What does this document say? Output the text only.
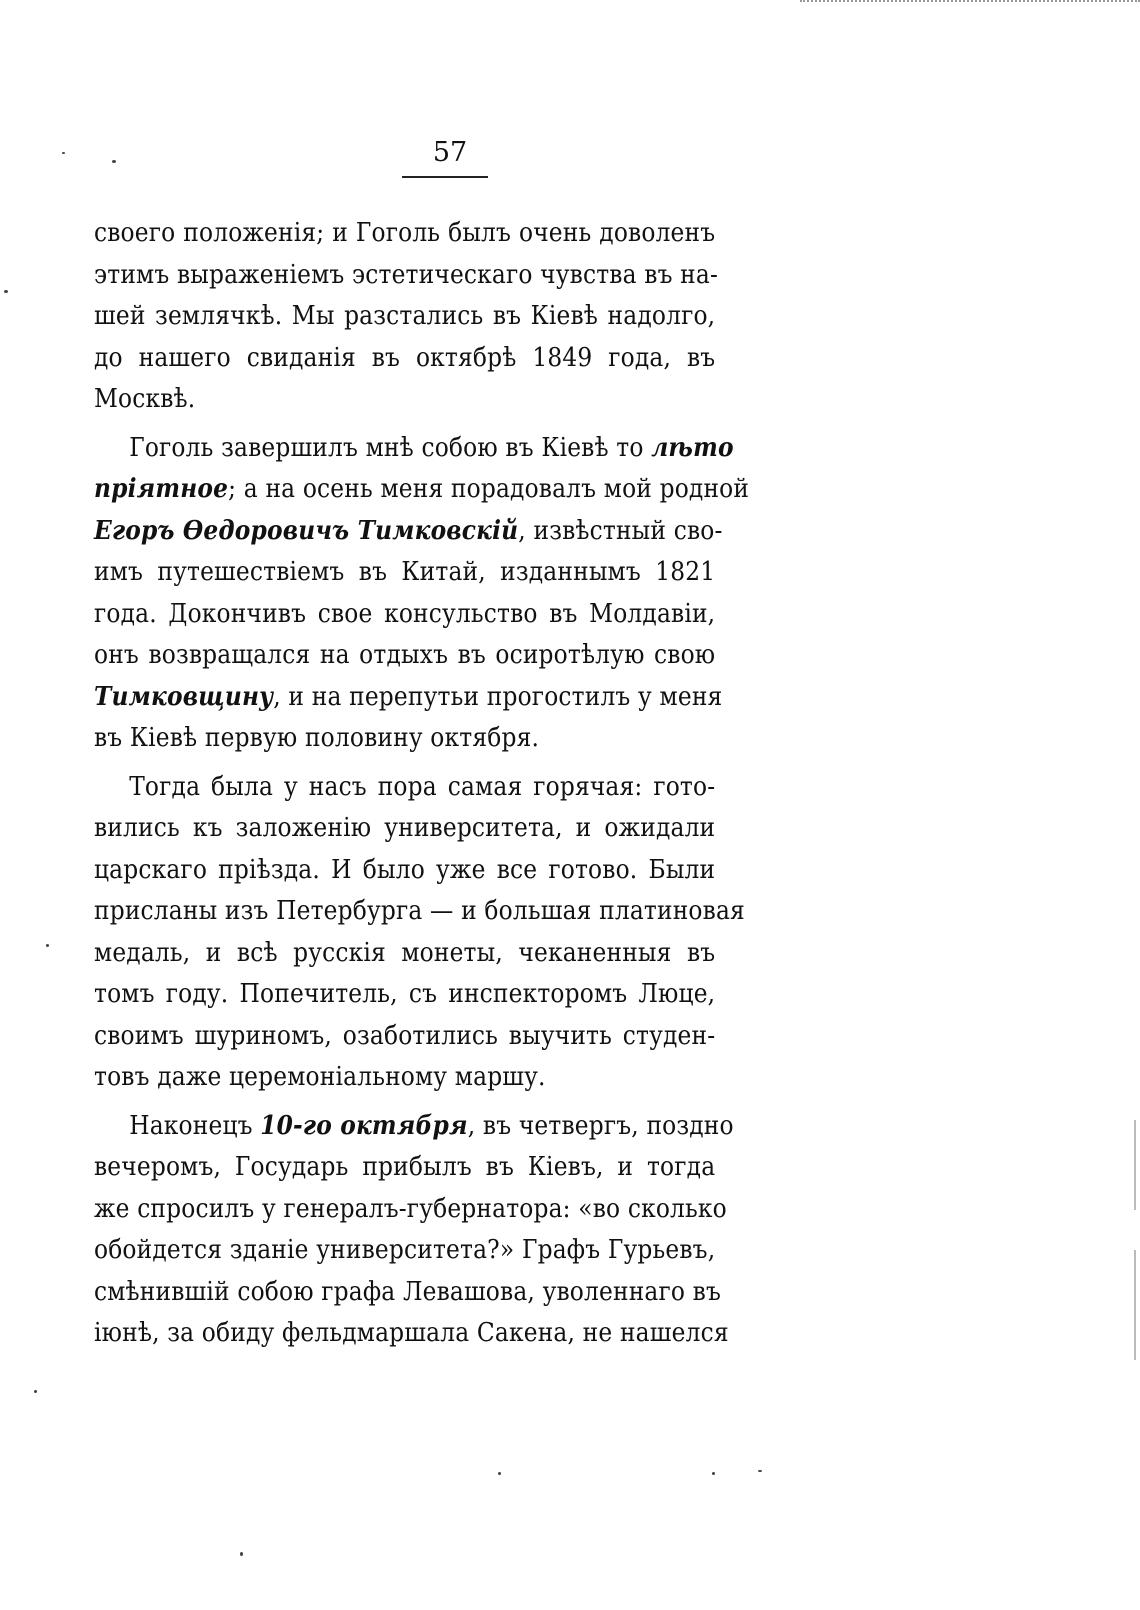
57
своего положенія; и Гоголь былъ очень доволенъ
этимъ выраженіемъ эстетическаго чувства въ на-
шей землячкѣ. Мы разстались въ Кіевѣ надолго,
до нашего свиданія въ октябрѣ 1849 года, въ
Москвѣ.
Гоголь завершилъ мнѣ собою въ Кіевѣ то лѣто
пріятное; а на осень меня порадовалъ мой родной
Егоръ Ѳедоровичъ Тимковскій, извѣстный сво-
имъ путешествіемъ въ Китай, изданнымъ 1821
года. Докончивъ свое консульство въ Молдавіи,
онъ возвращался на отдыхъ въ осиротѣлую свою
Тимковщину, и на перепутьи прогостилъ у меня
въ Кіевѣ первую половину октября.
Тогда была у насъ пора самая горячая: гото-
вились къ заложенію университета, и ожидали
царскаго пріѣзда. И было уже все готово. Были
присланы изъ Петербурга — и большая платиновая
медаль, и всѣ русскія монеты, чеканенныя въ
томъ году. Попечитель, съ инспекторомъ Люце,
своимъ шуриномъ, озаботились выучить студен-
товъ даже церемоніальному маршу.
Наконецъ 10-го октября, въ четвергъ, поздно
вечеромъ, Государь прибылъ въ Кіевъ, и тогда
же спросилъ у генералъ-губернатора: «во сколько
обойдется зданіе университета?» Графъ Гурьевъ,
смѣнившій собою графа Левашова, уволеннаго въ
іюнѣ, за обиду фельдмаршала Сакена, не нашелся
